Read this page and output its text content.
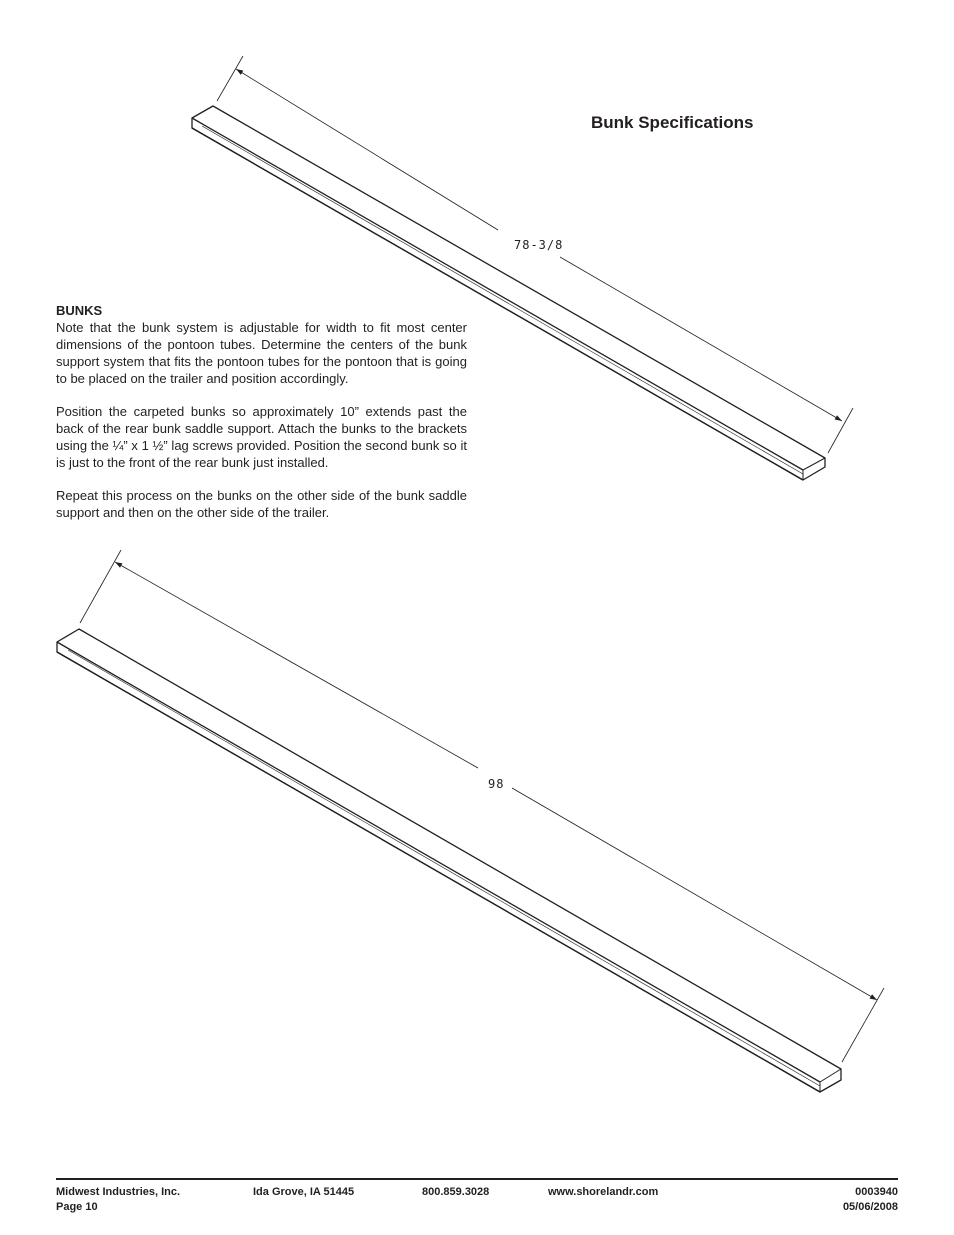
Bunk Specifications
78-3/8
98
BUNKS

Note that the bunk system is adjustable for width to fit most center dimensions of the pontoon tubes. Determine the centers of the bunk support system that fits the pontoon tubes for the pontoon that is going to be placed on the trailer and position accordingly.

Position the carpeted bunks so approximately 10” extends past the back of the rear bunk saddle support. Attach the bunks to the brackets using the ¼” x 1 ½” lag screws provided. Position the second bunk so it is just to the front of the rear bunk just installed.

Repeat this process on the bunks on the other side of the bunk saddle support and then on the other side of the trailer.

Midwest Industries, Inc.
Page 10
Ida Grove, IA 51445	800.859.3028	www.shorelandr.com	0003940
05/06/2008
